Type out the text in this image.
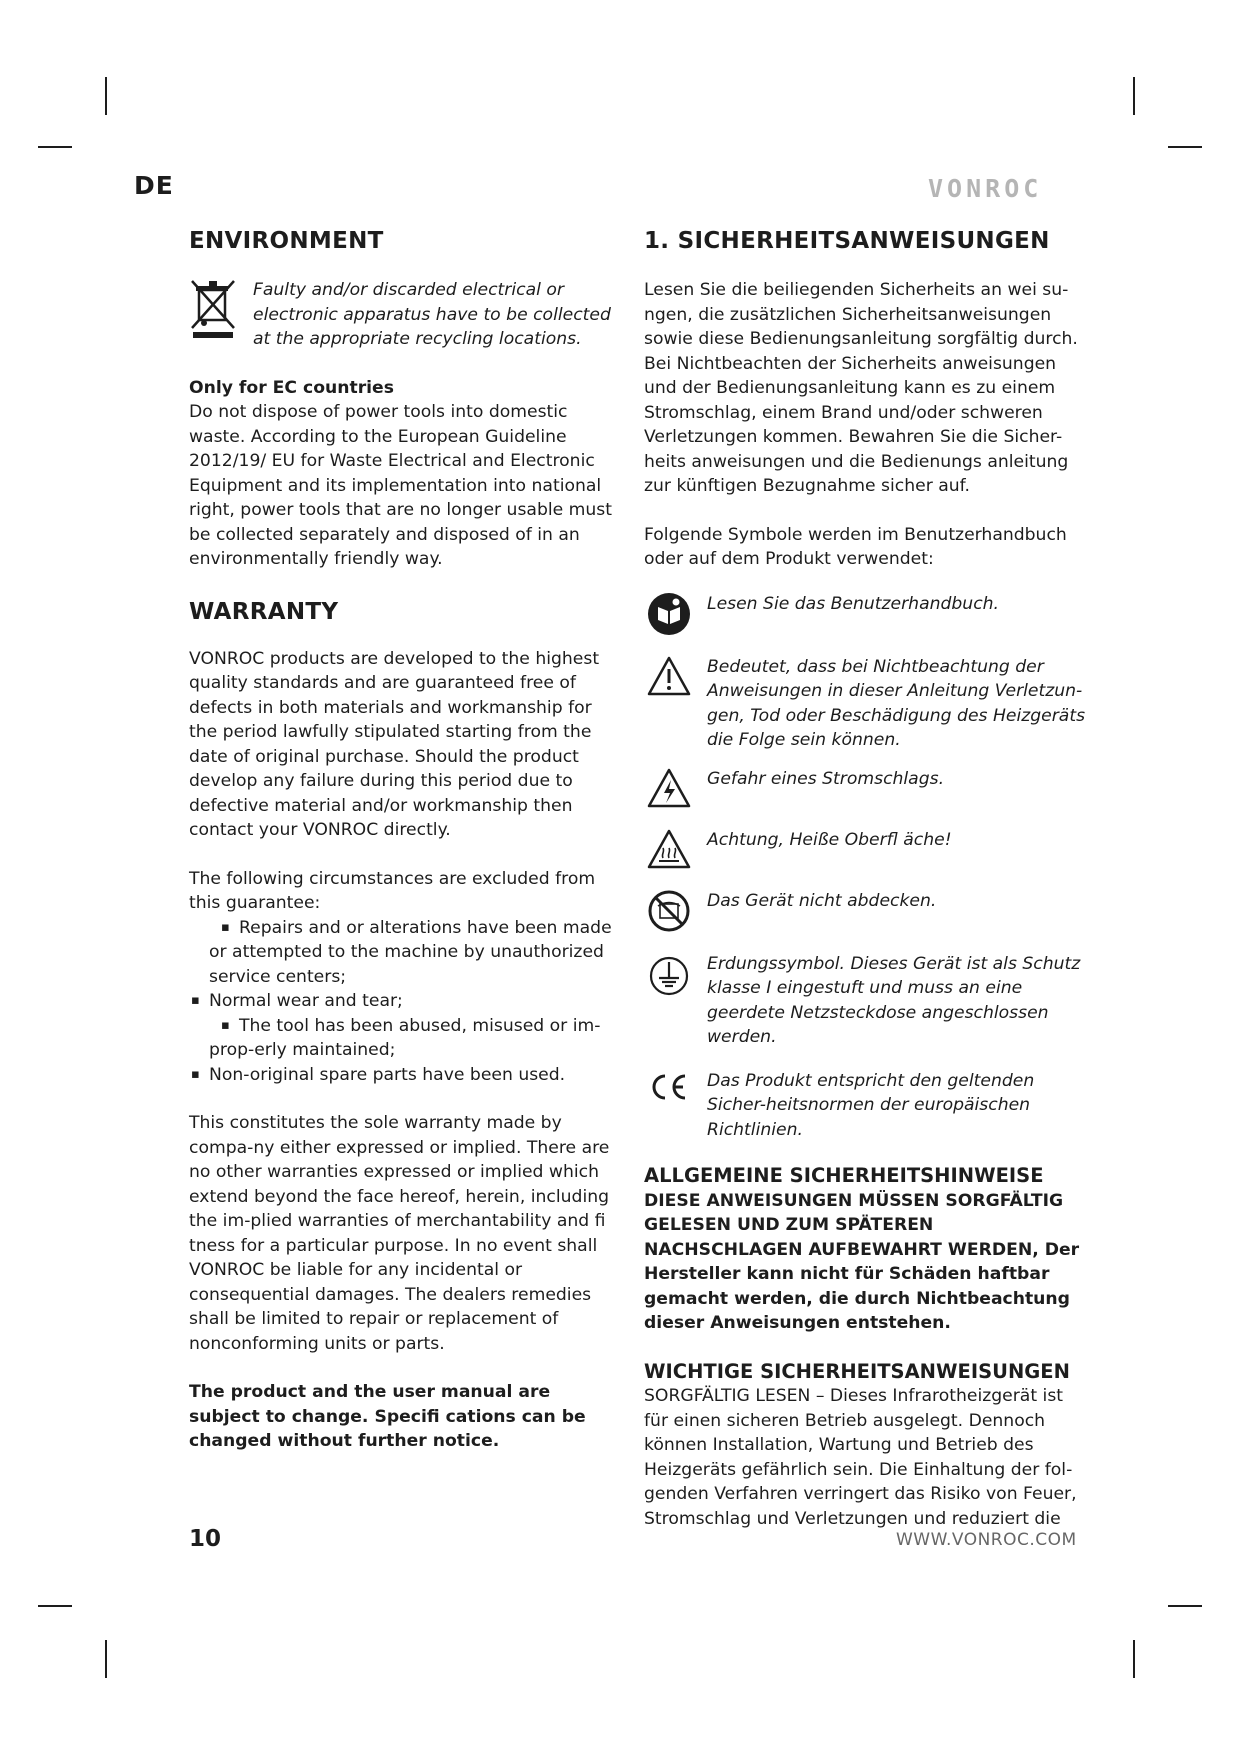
DE	VONROC
ENVIRONMENT

Faulty and/or discarded electrical or electronic apparatus have to be collected at the appropriate recycling locations.

Only for EC countries

Do not dispose of power tools into domestic waste. According to the European Guideline 2012/19/ EU for Waste Electrical and Electronic Equipment and its implementation into national right, power tools that are no longer usable must be collected separately and disposed of in an environmentally friendly way.

WARRANTY

VONROC products are developed to the highest quality standards and are guaranteed free of defects in both materials and workmanship for the period lawfully stipulated starting from the date of original purchase. Should the product develop any failure during this period due to defective material and/or workmanship then contact your VONROC directly.

The following circumstances are excluded from this guarantee:

▪ Repairs and or alterations have been made or attempted to the machine by unauthorized service centers;
▪ Normal wear and tear;
▪ The tool has been abused, misused or im-prop-erly maintained;
▪ Non-original spare parts have been used.

This constitutes the sole warranty made by compa-ny either expressed or implied. There are no other warranties expressed or implied which extend beyond the face hereof, herein, including the im-plied warranties of merchantability and fi tness for a particular purpose. In no event shall VONROC be liable for any incidental or consequential damages. The dealers remedies shall be limited to repair or replacement of nonconforming units or parts.

The product and the user manual are subject to change. Specifi cations can be changed without further notice.

1. SICHERHEITSANWEISUNGEN

Lesen Sie die beiliegenden Sicherheits an wei su-ngen, die zusätzlichen Sicherheitsanweisungen sowie diese Bedienungsanleitung sorgfältig durch. Bei Nichtbeachten der Sicherheits anweisungen und der Bedienungsanleitung kann es zu einem Stromschlag, einem Brand und/oder schweren Verletzungen kommen. Bewahren Sie die Sicher-heits anweisungen und die Bedienungs anleitung zur künftigen Bezugnahme sicher auf.

Folgende Symbole werden im Benutzerhandbuch oder auf dem Produkt verwendet:

Lesen Sie das Benutzerhandbuch.

Bedeutet, dass bei Nichtbeachtung der Anweisungen in dieser Anleitung Verletzun-gen, Tod oder Beschädigung des Heizgeräts die Folge sein können.

Gefahr eines Stromschlags.

Achtung, Heiße Oberfl äche!

Das Gerät nicht abdecken.

Erdungssymbol. Dieses Gerät ist als Schutz klasse I eingestuft und muss an eine geerdete Netzsteckdose angeschlossen werden.

Das Produkt entspricht den geltenden Sicher-heitsnormen der europäischen Richtlinien.

ALLGEMEINE SICHERHEITSHINWEISE

DIESE ANWEISUNGEN MÜSSEN SORGFÄLTIG GELESEN UND ZUM SPÄTEREN NACHSCHLAGEN AUFBEWAHRT WERDEN, Der Hersteller kann nicht für Schäden haftbar gemacht werden, die durch Nichtbeachtung dieser Anweisungen entstehen.

WICHTIGE SICHERHEITSANWEISUNGEN

SORGFÄLTIG LESEN – Dieses Infrarotheizgerät ist für einen sicheren Betrieb ausgelegt. Dennoch können Installation, Wartung und Betrieb des Heizgeräts gefährlich sein. Die Einhaltung der fol-genden Verfahren verringert das Risiko von Feuer, Stromschlag und Verletzungen und reduziert die

10	WWW.VONROC.COM
